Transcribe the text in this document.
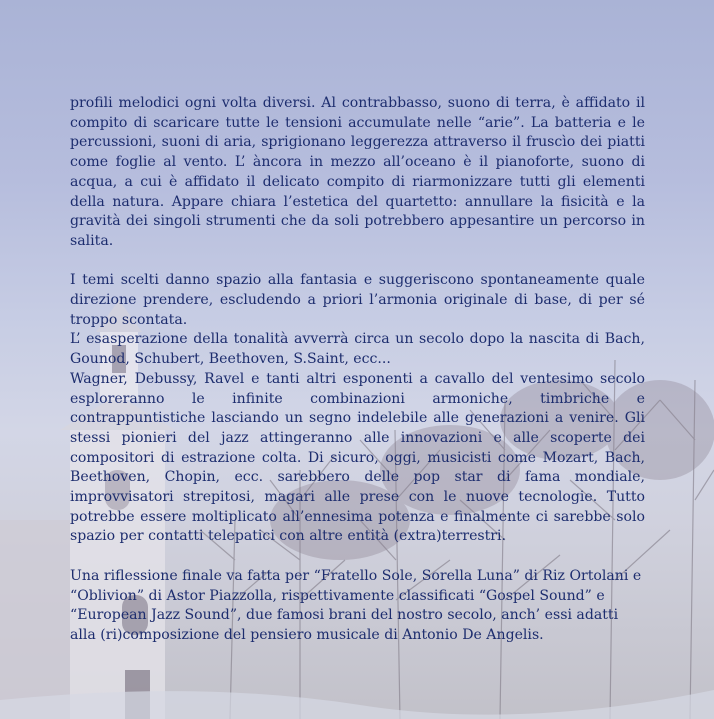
profili melodici ogni volta diversi. Al contrabbasso, suono di terra, è affidato il compito di scaricare tutte le tensioni accumulate nelle “arie”. La batteria e le percussioni, suoni di aria, sprigionano leggerezza attraverso il fruscìo dei piatti come foglie al vento. L’ àncora in mezzo all’oceano è il pianoforte, suono di acqua, a cui è affidato il delicato compito di riarmonizzare tutti gli elementi della natura. Appare chiara l’estetica del quartetto: annullare la fisicità e la gravità dei singoli strumenti che da soli potrebbero appesantire un percorso in salita.

I temi scelti danno spazio alla fantasia e suggeriscono spontaneamente quale direzione prendere, escludendo a priori l’armonia originale di base, di per sé troppo scontata.

L’ esasperazione della tonalità avverrà circa un secolo dopo la nascita di Bach, Gounod, Schubert, Beethoven, S.Saint, ecc...

Wagner, Debussy, Ravel e tanti altri esponenti a cavallo del ventesimo secolo esploreranno le infinite combinazioni armoniche, timbriche e contrappuntistiche lasciando un segno indelebile alle generazioni a venire. Gli stessi pionieri del jazz attingeranno alle innovazioni e alle scoperte dei compositori di estrazione colta. Di sicuro, oggi, musicisti come Mozart, Bach, Beethoven, Chopin, ecc. sarebbero delle pop star di fama mondiale, improvvisatori strepitosi, magari alle prese con le nuove tecnologie. Tutto potrebbe essere moltiplicato all’ennesima potenza e finalmente ci sarebbe solo spazio per contatti telepatici con altre entità (extra)terrestri.

Una riflessione finale va fatta per “Fratello Sole, Sorella Luna” di Riz Ortolani e “Oblivion” di Astor Piazzolla, rispettivamente classificati “Gospel Sound” e “European Jazz Sound”, due famosi brani del nostro secolo, anch’ essi adatti alla (ri)composizione del pensiero musicale di Antonio De Angelis.
